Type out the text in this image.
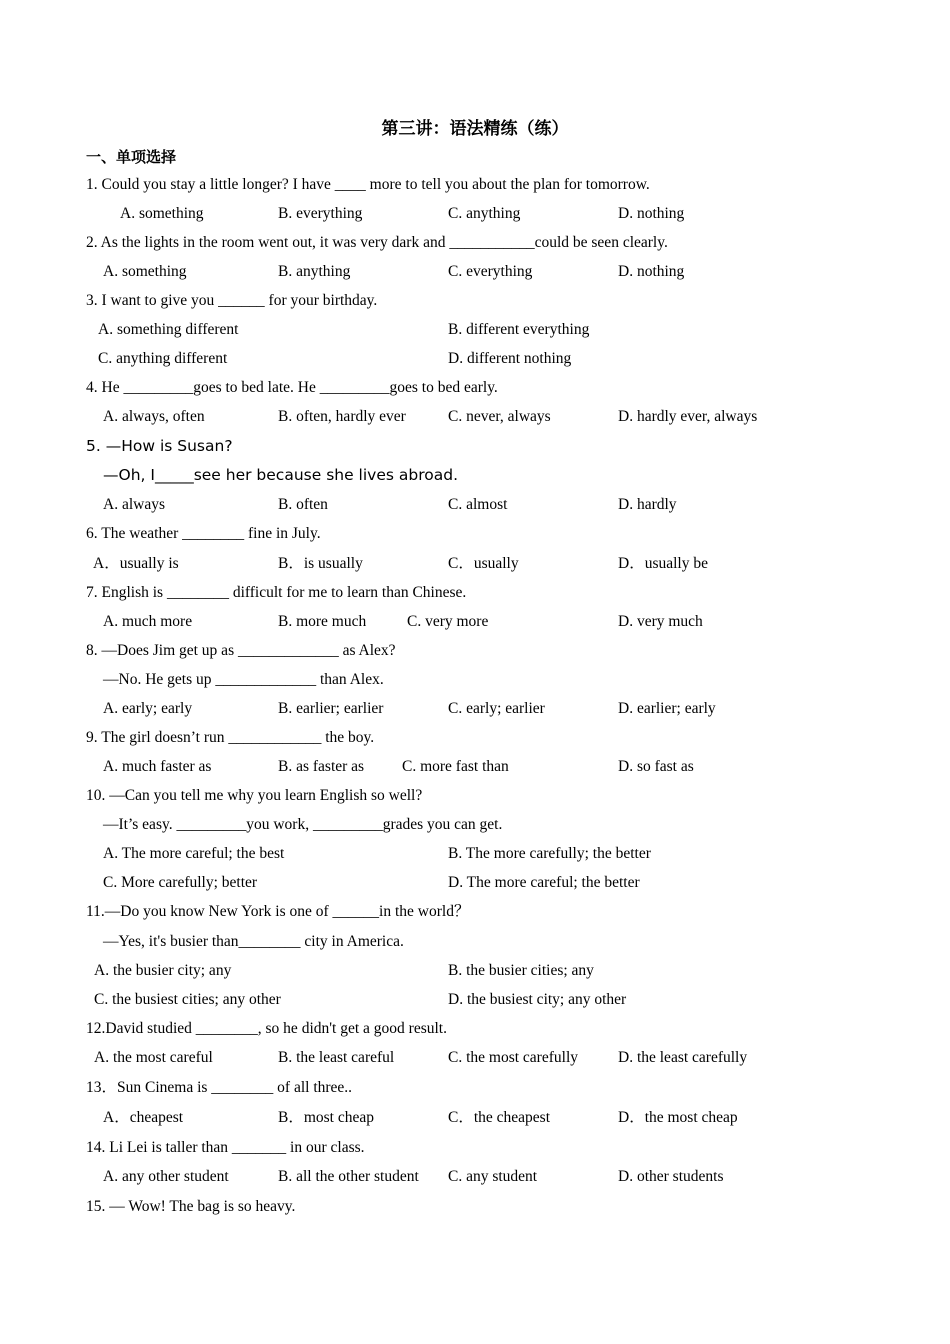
第三讲：语法精练（练）
一、单项选择
1. Could you stay a little longer? I have ____ more to tell you about the plan for tomorrow.
A. something	B. everything	C. anything	D. nothing
2. As the lights in the room went out, it was very dark and ___________could be seen clearly.
A. something	B. anything	C. everything	D. nothing
3. I want to give you ______ for your birthday.
A. something different	B. different everything
C. anything different	D. different nothing
4. He _________goes to bed late. He _________goes to bed early.
A. always, often	B. often, hardly ever	C. never, always	D. hardly ever, always
5. —How is Susan?
—Oh, I_____see her because she lives abroad.
A. always	B. often	C. almost	D. hardly
6. The weather ________ fine in July.
A．usually is	B．is usually	C．usually	D．usually be
7. English is ________ difficult for me to learn than Chinese.
A. much more	B. more much	C. very more	D. very much
8. —Does Jim get up as _____________ as Alex?
—No. He gets up _____________ than Alex.
A. early; early	B. earlier; earlier	C. early; earlier	D. earlier; early
9. The girl doesn’t run ____________ the boy.
A. much faster as	B. as faster as C. more fast than	D. so fast as
10. —Can you tell me why you learn English so well?
—It’s easy. _________you work, _________grades you can get.
A. The more careful; the best	B. The more carefully; the better
C. More carefully; better	D. The more careful; the better
11.—Do you know New York is one of ______in the world？
—Yes, it's busier than________ city in America.
A. the busier city; any	B. the busier cities; any
C. the busiest cities; any other	D. the busiest city; any other
12.David studied ________, so he didn't get a good result.
A. the most careful	B. the least careful	C. the most carefully	D. the least carefully
13．Sun Cinema is ________ of all three..
A．cheapest	B．most cheap	C．the cheapest	D．the most cheap
14. Li Lei is taller than _______ in our class.
A. any other student	B. all the other student C. any student	D. other students
15. — Wow! The bag is so heavy.
